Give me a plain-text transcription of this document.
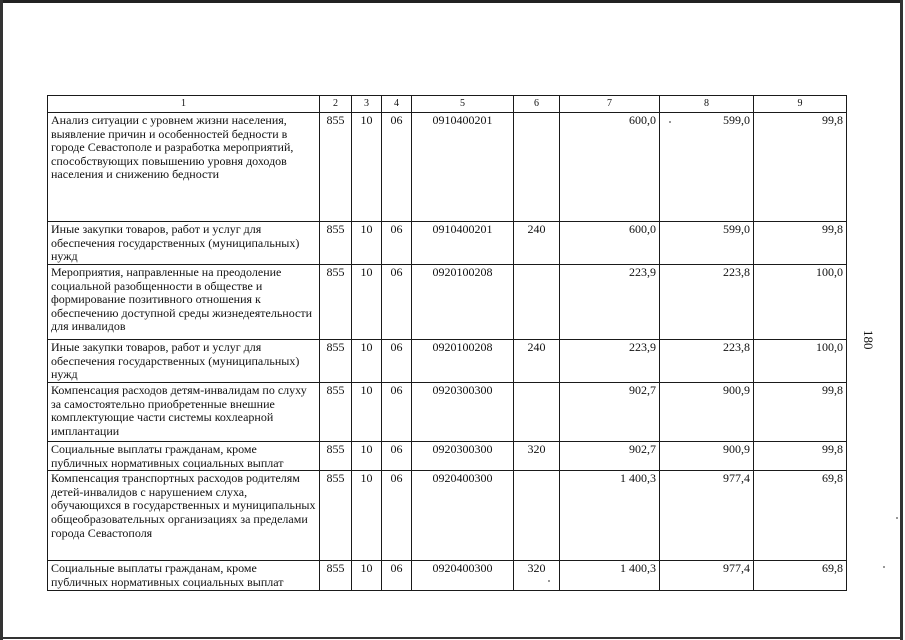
1	2	3	4	5	6	7	8	9
Анализ ситуации с уровнем жизни населения, выявление причин и особенностей бедности в городе Севастополе и разработка мероприятий, способствующих повышению уровня доходов населения и снижению бедности	855	10	06	0910400201		600,0	599,0	99,8
Иные закупки товаров, работ и услуг для обеспечения государственных (муниципальных) нужд	855	10	06	0910400201	240	600,0	599,0	99,8
Мероприятия, направленные на преодоление социальной разобщенности в обществе и формирование позитивного отношения к обеспечению доступной среды жизнедеятельности для инвалидов	855	10	06	0920100208		223,9	223,8	100,0
Иные закупки товаров, работ и услуг для обеспечения государственных (муниципальных) нужд	855	10	06	0920100208	240	223,9	223,8	100,0
Компенсация расходов детям-инвалидам по слуху за самостоятельно приобретенные внешние комплектующие части системы кохлеарной имплантации	855	10	06	0920300300		902,7	900,9	99,8
Социальные выплаты гражданам, кроме публичных нормативных социальных выплат	855	10	06	0920300300	320	902,7	900,9	99,8
Компенсация транспортных расходов родителям детей-инвалидов с нарушением слуха, обучающихся в государственных и муниципальных общеобразовательных организациях за пределами города Севастополя	855	10	06	0920400300		1 400,3	977,4	69,8
Социальные выплаты гражданам, кроме публичных нормативных социальных выплат	855	10	06	0920400300	320	1 400,3	977,4	69,8
180
